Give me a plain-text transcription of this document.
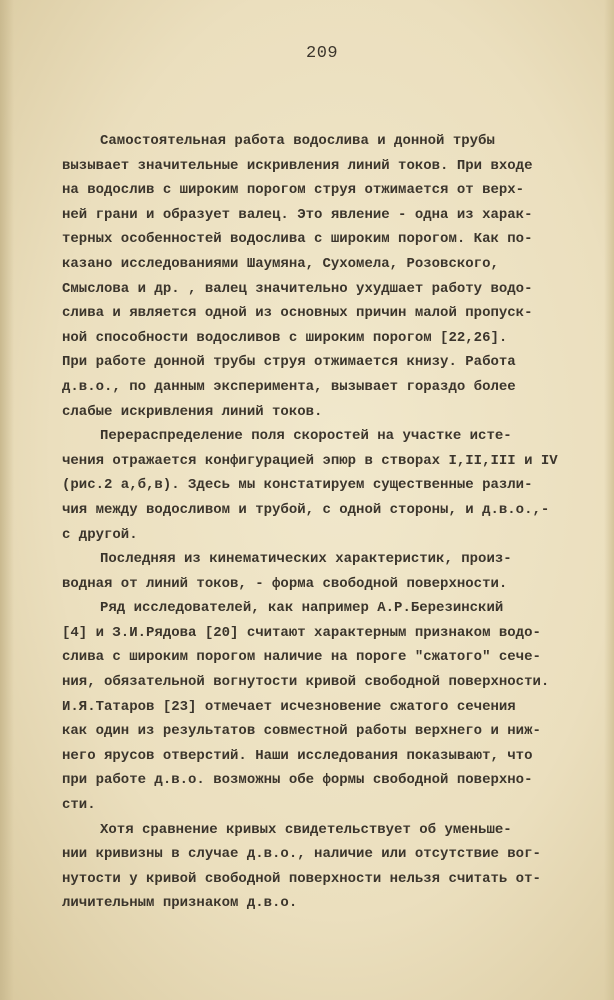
209
Самостоятельная работа водослива и донной трубы
вызывает значительные искривления линий токов. При входе
на водослив с широким порогом струя отжимается от верх-
ней грани и образует валец. Это явление - одна из харак-
терных особенностей водослива с широким порогом. Как по-
казано исследованиями Шаумяна, Сухомела, Розовского,
Смыслова и др. , валец значительно ухудшает работу водо-
слива и является одной из основных причин малой пропуск-
ной способности водосливов с широким порогом [22,26].
При работе донной трубы струя отжимается книзу. Работа
д.в.о., по данным эксперимента, вызывает гораздо более
слабые искривления линий токов.
Перераспределение поля скоростей на участке исте-
чения отражается конфигурацией эпюр в створах I,II,III и IV
(рис.2 а,б,в). Здесь мы констатируем существенные разли-
чия между водосливом и трубой, с одной стороны, и д.в.о.,-
с другой.
Последняя из кинематических характеристик, произ-
водная от линий токов, - форма свободной поверхности.
Ряд исследователей, как например А.Р.Березинский
[4] и З.И.Рядова [20] считают характерным признаком водо-
слива с широким порогом наличие на пороге "сжатого" сече-
ния, обязательной вогнутости кривой свободной поверхности.
И.Я.Татаров [23] отмечает исчезновение сжатого сечения
как один из результатов совместной работы верхнего и ниж-
него ярусов отверстий. Наши исследования показывают, что
при работе д.в.о. возможны обе формы свободной поверхно-
сти.
Хотя сравнение кривых свидетельствует об уменьше-
нии кривизны в случае д.в.о., наличие или отсутствие вог-
нутости у кривой свободной поверхности нельзя считать от-
личительным признаком д.в.о.
